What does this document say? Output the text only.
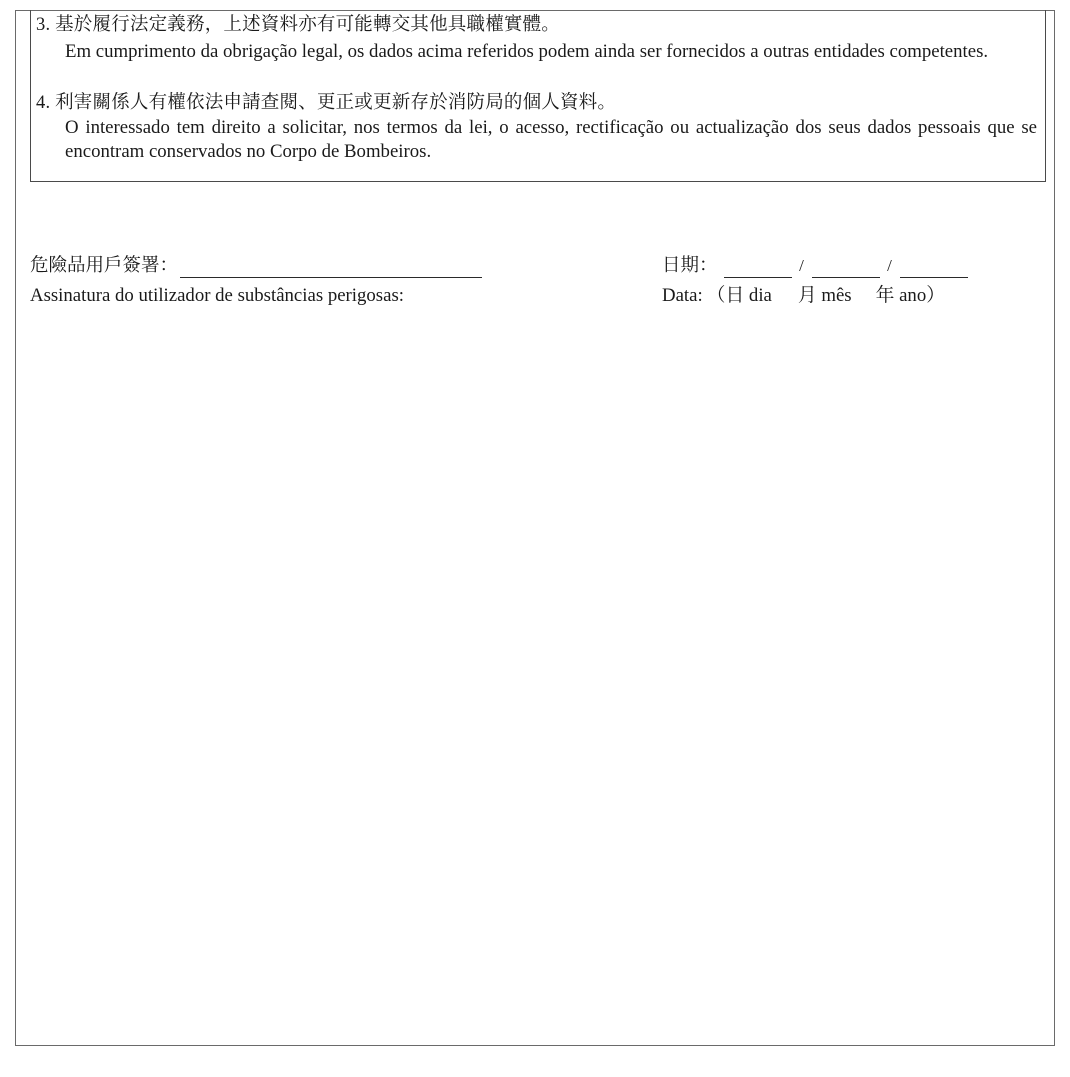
3. 基於履行法定義務，上述資料亦有可能轉交其他具職權實體。
Em cumprimento da obrigação legal, os dados acima referidos podem ainda ser fornecidos a outras entidades competentes.
4. 利害關係人有權依法申請查閱、更正或更新存於消防局的個人資料。
O interessado tem direito a solicitar, nos termos da lei, o acesso, rectificação ou actualização dos seus dados pessoais que se encontram conservados no Corpo de Bombeiros.
危險品用戶簽署：
Assinatura do utilizador de substâncias perigosas:
日期：	/	/
Data: （日 dia 月 mês 年 ano）
